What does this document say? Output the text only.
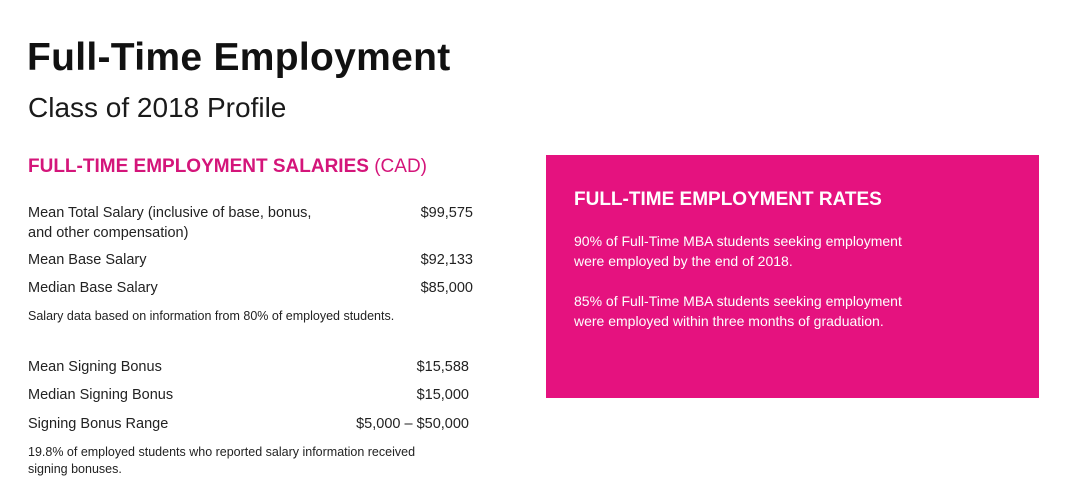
Full-Time Employment
Class of 2018 Profile
FULL-TIME EMPLOYMENT SALARIES (CAD)
Mean Total Salary (inclusive of base, bonus,
and other compensation)
$99,575
Mean Base Salary	$92,133
Median Base Salary	$85,000
Salary data based on information from 80% of employed students.
Mean Signing Bonus	$15,588
Median Signing Bonus	$15,000
Signing Bonus Range	$5,000 – $50,000
19.8% of employed students who reported salary information received
signing bonuses.
FULL-TIME EMPLOYMENT RATES
90% of Full-Time MBA students seeking employment
were employed by the end of 2018.
85% of Full-Time MBA students seeking employment
were employed within three months of graduation.
